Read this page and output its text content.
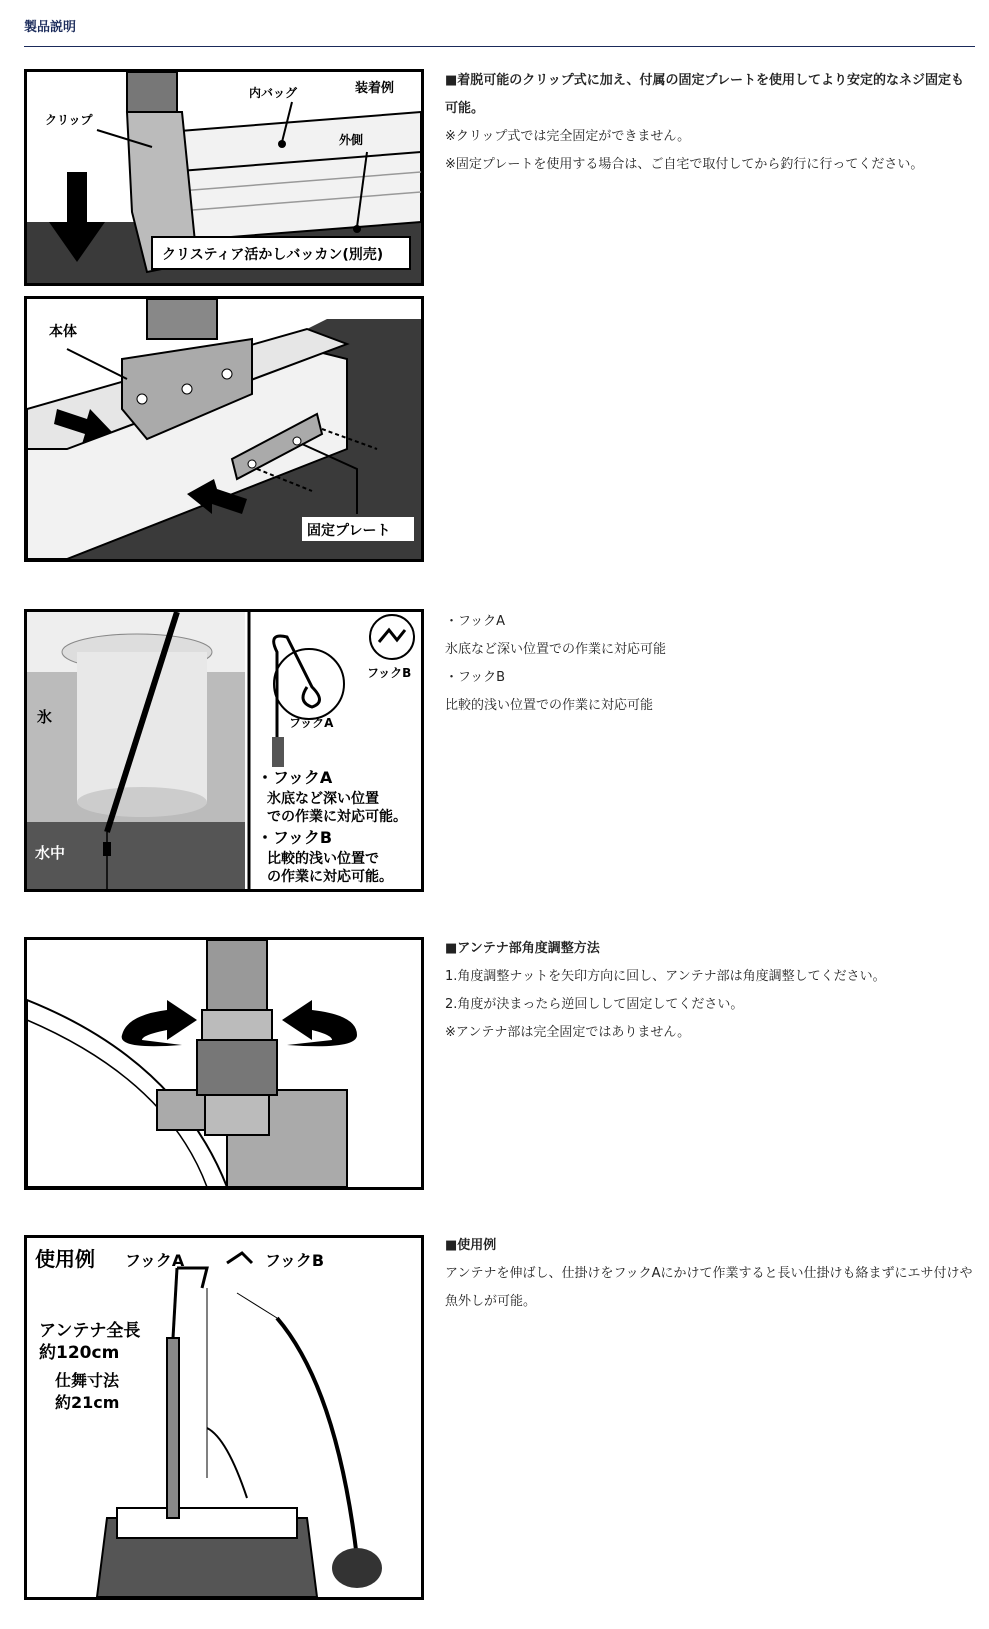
製品説明
クリップ
内バッグ	装着例
外側
クリスティア活かしバッカン(別売)
本体
固定プレート

■着脱可能のクリップ式に加え、付属の固定プレートを使用してより安定的なネジ固定も可能。

※クリップ式では完全固定ができません。

※固定プレートを使用する場合は、ご自宅で取付してから釣行に行ってください。

氷
水中
フックB
フックA
・フックA
氷底など深い位置
での作業に対応可能。
・フックB
比較的浅い位置で
の作業に対応可能。

・フックA

氷底など深い位置での作業に対応可能

・フックB

比較的浅い位置での作業に対応可能

■アンテナ部角度調整方法

1.角度調整ナットを矢印方向に回し、アンテナ部は角度調整してください。

2.角度が決まったら逆回しして固定してください。

※アンテナ部は完全固定ではありません。

使用例 フックA	フックB
アンテナ全長
約120cm
仕舞寸法
約21cm

■使用例

アンテナを伸ばし、仕掛けをフックAにかけて作業すると長い仕掛けも絡まずにエサ付けや魚外しが可能。
